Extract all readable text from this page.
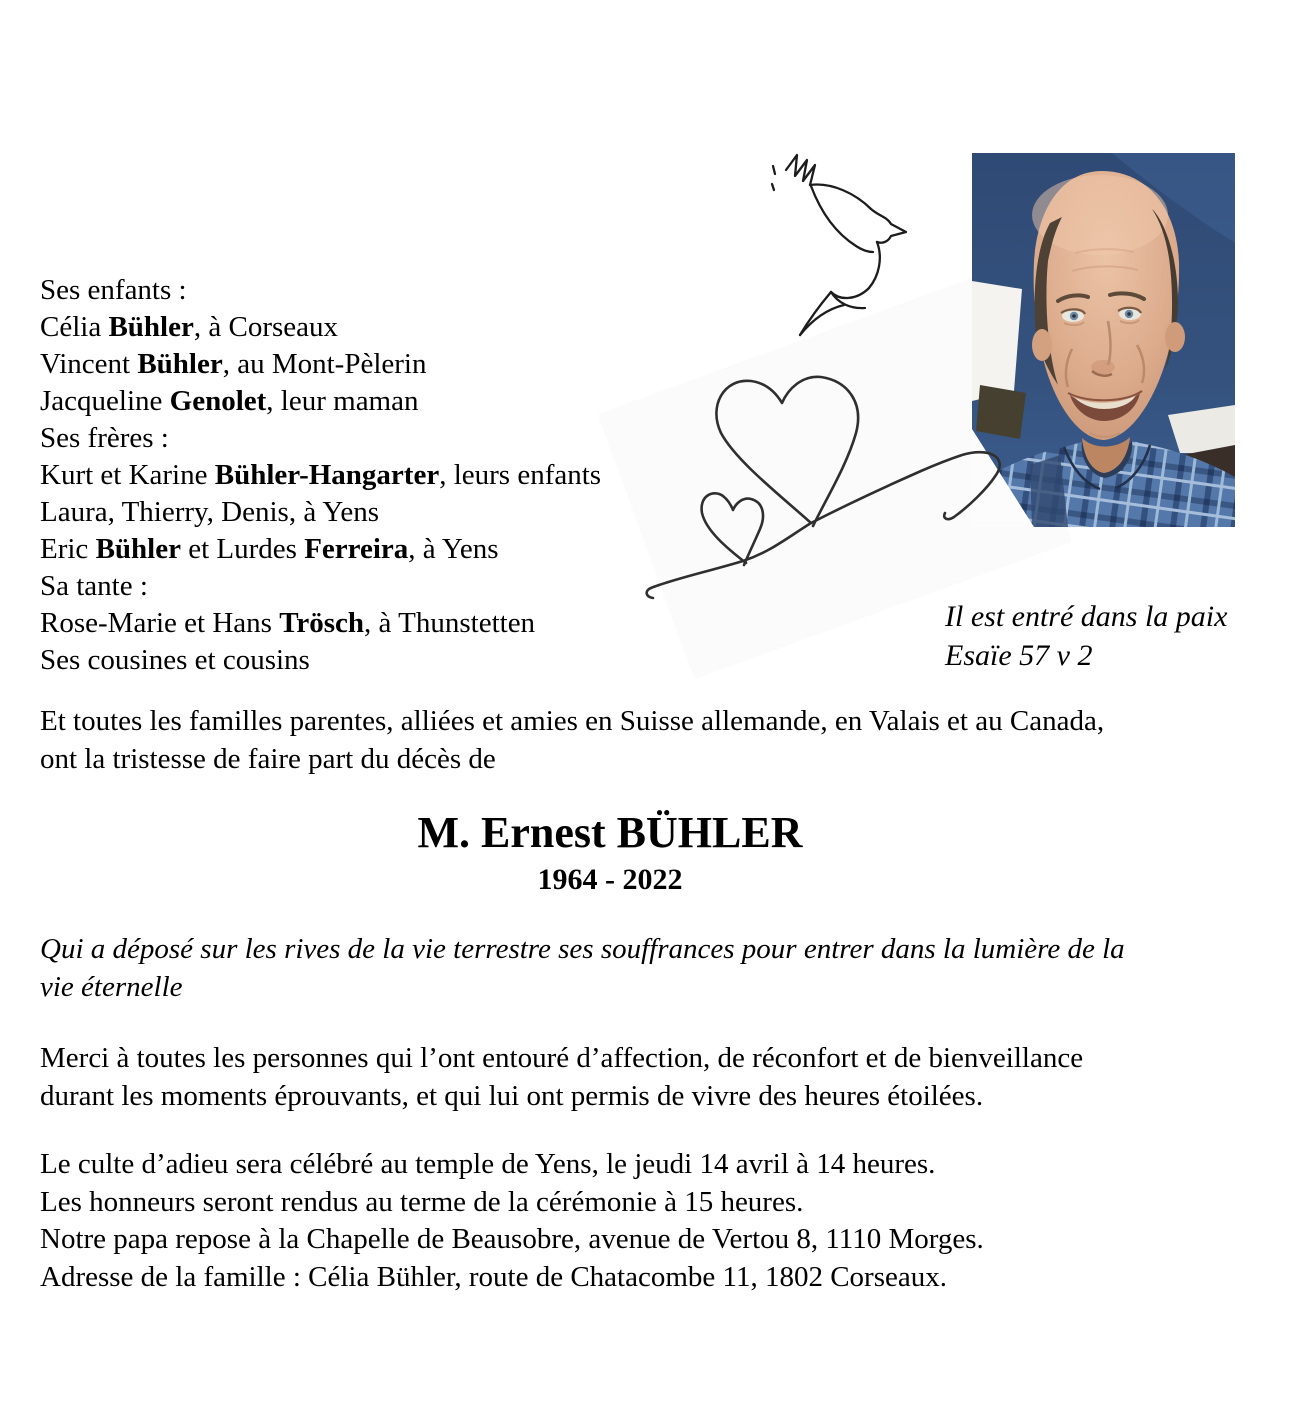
Ses enfants :
Célia Bühler, à Corseaux
Vincent Bühler, au Mont-Pèlerin
Jacqueline Genolet, leur maman
Ses frères :
Kurt et Karine Bühler-Hangarter, leurs enfants
Laura, Thierry, Denis, à Yens
Eric Bühler et Lurdes Ferreira, à Yens
Sa tante :
Rose-Marie et Hans Trösch, à Thunstetten
Ses cousines et cousins
Il est entré dans la paix
Esaïe 57 v 2
Et toutes les familles parentes, alliées et amies en Suisse allemande, en Valais et au Canada,
ont la tristesse de faire part du décès de
M. Ernest BÜHLER
1964 - 2022
Qui a déposé sur les rives de la vie terrestre ses souffrances pour entrer dans la lumière de la
vie éternelle
Merci à toutes les personnes qui l’ont entouré d’affection, de réconfort et de bienveillance
durant les moments éprouvants, et qui lui ont permis de vivre des heures étoilées.
Le culte d’adieu sera célébré au temple de Yens, le jeudi 14 avril à 14 heures.
Les honneurs seront rendus au terme de la cérémonie à 15 heures.
Notre papa repose à la Chapelle de Beausobre, avenue de Vertou 8, 1110 Morges.
Adresse de la famille : Célia Bühler, route de Chatacombe 11, 1802 Corseaux.
